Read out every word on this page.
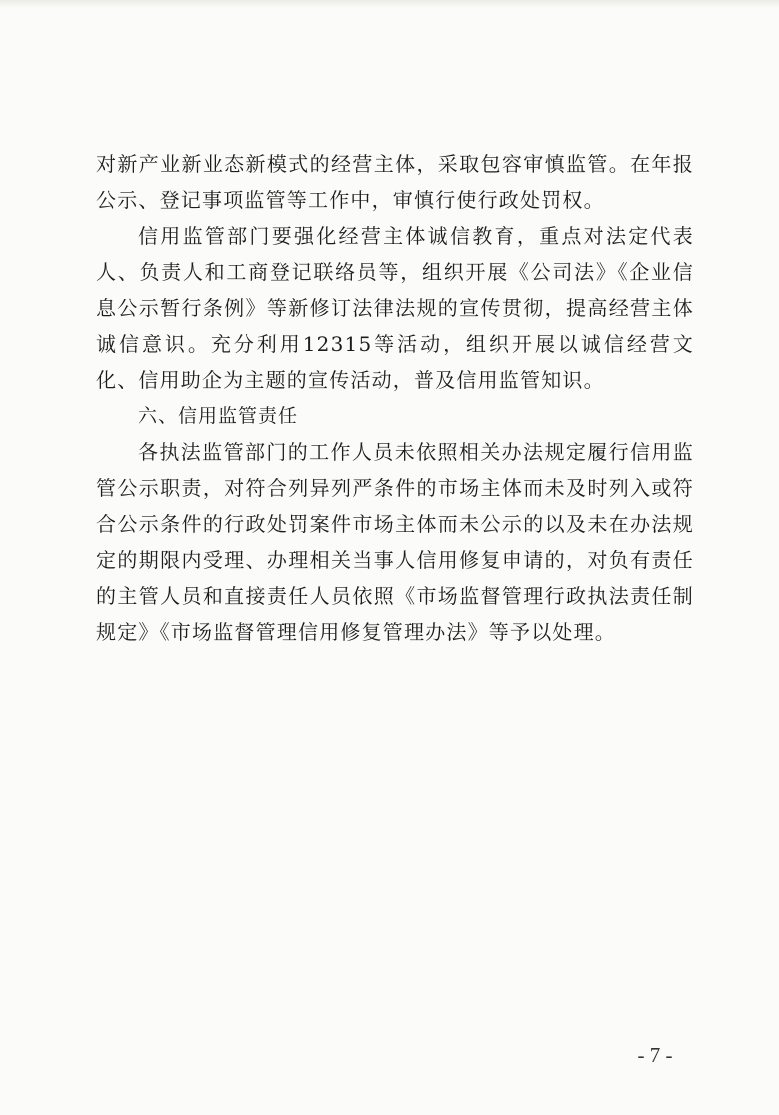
对新产业新业态新模式的经营主体，采取包容审慎监管。在年报公示、登记事项监管等工作中，审慎行使行政处罚权。

信用监管部门要强化经营主体诚信教育，重点对法定代表人、负责人和工商登记联络员等，组织开展《公司法》《企业信息公示暂行条例》等新修订法律法规的宣传贯彻，提高经营主体诚信意识。充分利用12315等活动，组织开展以诚信经营文化、信用助企为主题的宣传活动，普及信用监管知识。

六、信用监管责任

各执法监管部门的工作人员未依照相关办法规定履行信用监管公示职责，对符合列异列严条件的市场主体而未及时列入或符合公示条件的行政处罚案件市场主体而未公示的以及未在办法规定的期限内受理、办理相关当事人信用修复申请的，对负有责任的主管人员和直接责任人员依照《市场监督管理行政执法责任制规定》《市场监督管理信用修复管理办法》等予以处理。

- 7 -
